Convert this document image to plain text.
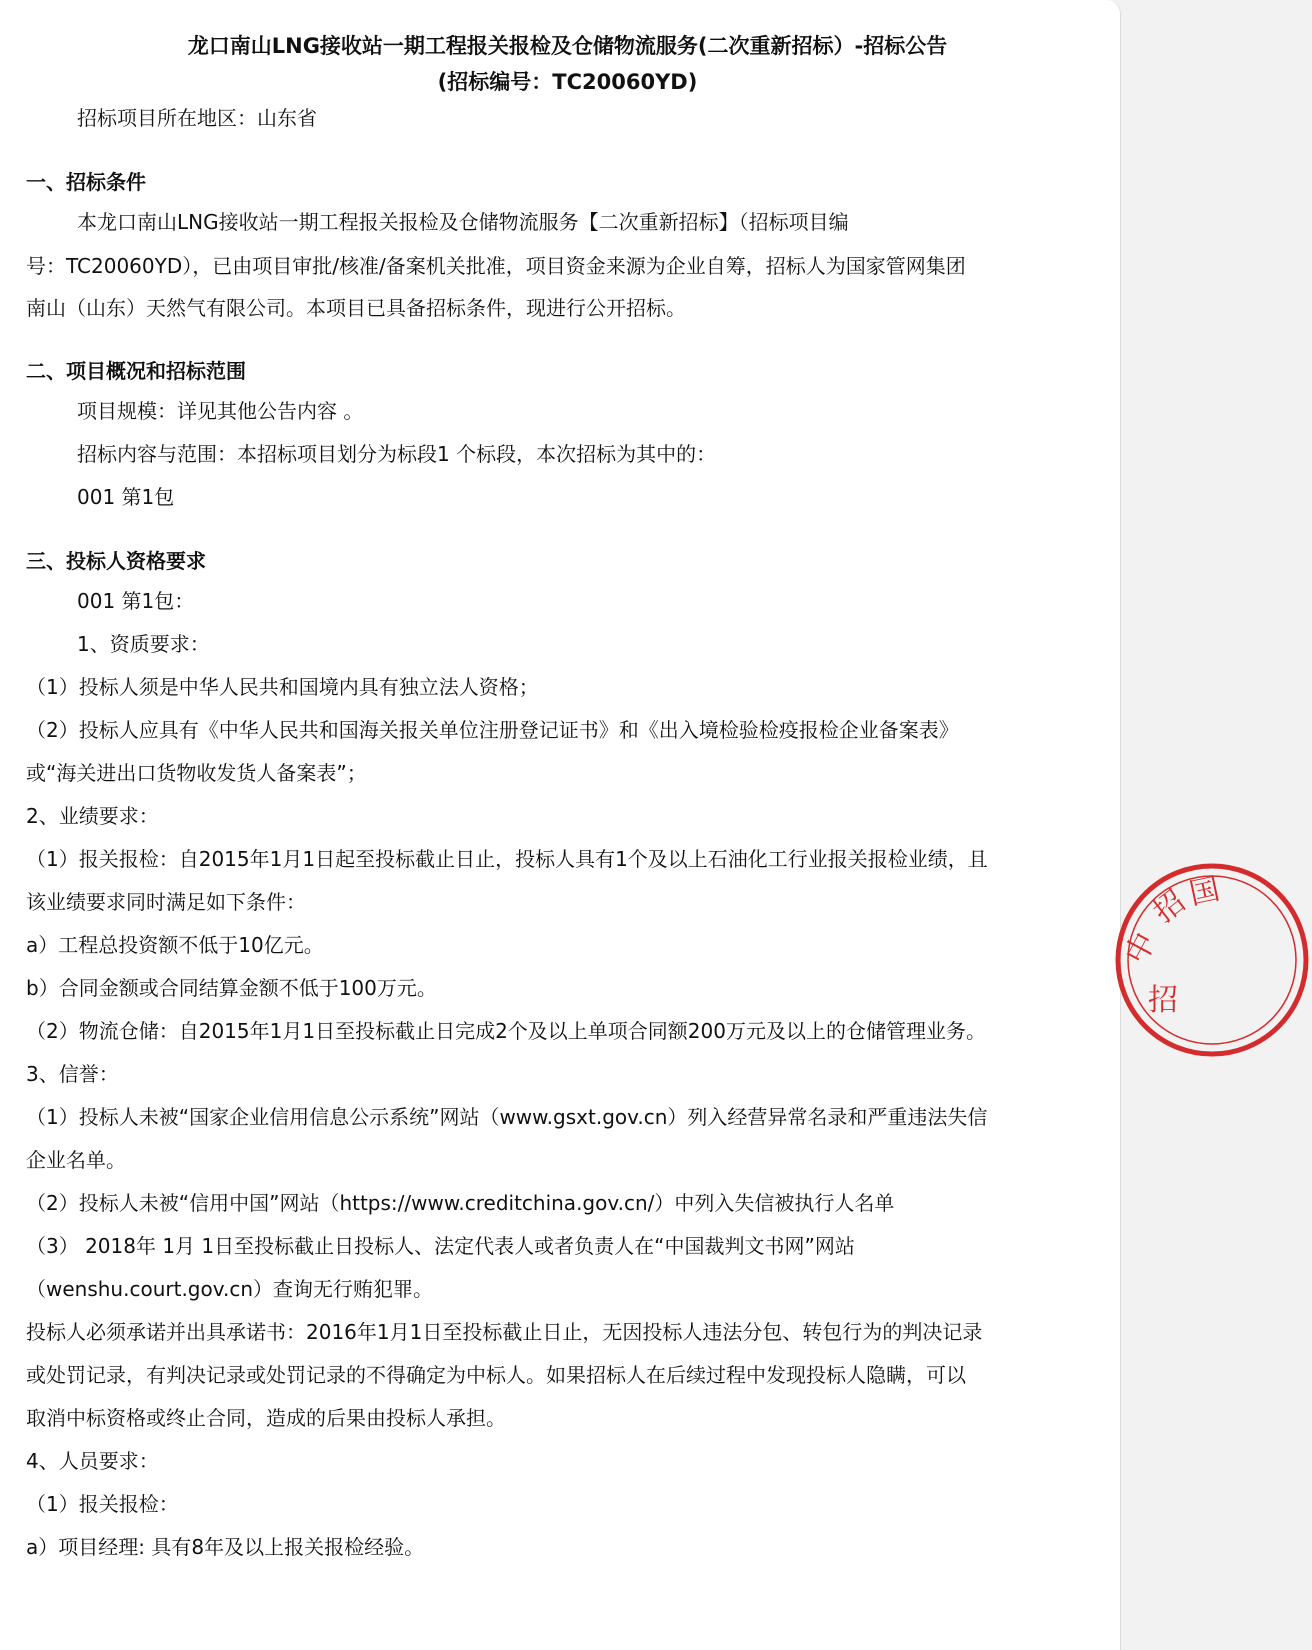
龙口南山LNG接收站一期工程报关报检及仓储物流服务(二次重新招标）-招标公告

(招标编号：TC20060YD)

招标项目所在地区：山东省

一、招标条件

本龙口南山LNG接收站一期工程报关报检及仓储物流服务【二次重新招标】（招标项目编

号：TC20060YD），已由项目审批/核准/备案机关批准，项目资金来源为企业自筹，招标人为国家管网集团

南山（山东）天然气有限公司。本项目已具备招标条件，现进行公开招标。

二、项目概况和招标范围

项目规模：详见其他公告内容 。

招标内容与范围：本招标项目划分为标段1 个标段，本次招标为其中的：

001 第1包

三、投标人资格要求

001 第1包：

1、资质要求：

（1）投标人须是中华人民共和国境内具有独立法人资格；

（2）投标人应具有《中华人民共和国海关报关单位注册登记证书》和《出入境检验检疫报检企业备案表》

或“海关进出口货物收发货人备案表”；

2、业绩要求：

（1）报关报检：自2015年1月1日起至投标截止日止，投标人具有1个及以上石油化工行业报关报检业绩，且

该业绩要求同时满足如下条件：

a）工程总投资额不低于10亿元。

b）合同金额或合同结算金额不低于100万元。

（2）物流仓储：自2015年1月1日至投标截止日完成2个及以上单项合同额200万元及以上的仓储管理业务。

3、信誉：

（1）投标人未被“国家企业信用信息公示系统”网站（www.gsxt.gov.cn）列入经营异常名录和严重违法失信

企业名单。

（2）投标人未被“信用中国”网站（https://www.creditchina.gov.cn/）中列入失信被执行人名单

（3） 2018年 1月 1日至投标截止日投标人、法定代表人或者负责人在“中国裁判文书网”网站

（wenshu.court.gov.cn）查询无行贿犯罪。

投标人必须承诺并出具承诺书：2016年1月1日至投标截止日止，无因投标人违法分包、转包行为的判决记录

或处罚记录，有判决记录或处罚记录的不得确定为中标人。如果招标人在后续过程中发现投标人隐瞒，可以

取消中标资格或终止合同，造成的后果由投标人承担。

4、人员要求：

（1）报关报检：

a）项目经理: 具有8年及以上报关报检经验。

中
招
国
招
